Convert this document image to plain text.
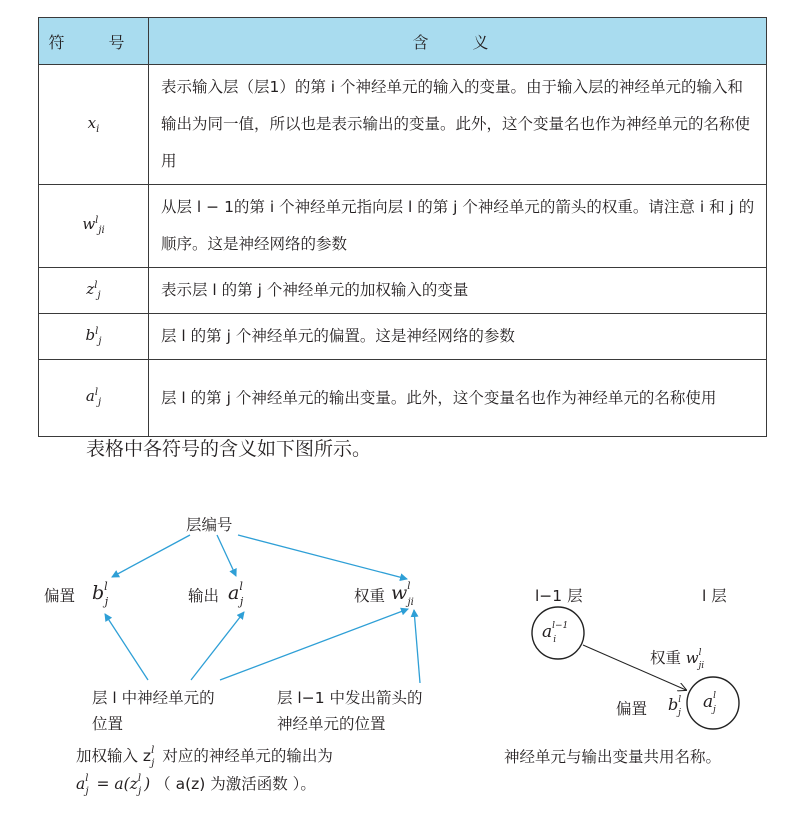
符　号	含　义
$x_i$	表示输入层（层1）的第 i 个神经单元的输入的变量。由于输入层的神经单元的输入和输出为同一值，所以也是表示输出的变量。此外，这个变量名也作为神经单元的名称使用
$w^l_{ji}$	从层 l − 1的第 i 个神经单元指向层 l 的第 j 个神经单元的箭头的权重。请注意 i 和 j 的顺序。这是神经网络的参数
$z^l_j$	表示层 l 的第 j 个神经单元的加权输入的变量
$b^l_j$	层 l 的第 j 个神经单元的偏置。这是神经网络的参数
$a^l_j$	层 l 的第 j 个神经单元的输出变量。此外，这个变量名也作为神经单元的名称使用
表格中各符号的含义如下图所示。
层编号
偏置 $b^l_j$	输出 $a^l_j$	权重 $w^l_{ji}$
层 l 中神经单元的
位置
层 l−1 中发出箭头的
神经单元的位置
加权输入 $z^l_j$ 对应的神经单元的输出为
$a^l_j = a(z^l_j$ ) （ a(z) 为激活函数 ）。
l−1 层	l 层
$a^{l-1}_i$
$a^l_j$
权重 $w^l_{ji}$
偏置 $b^l_j$
神经单元与输出变量共用名称。
